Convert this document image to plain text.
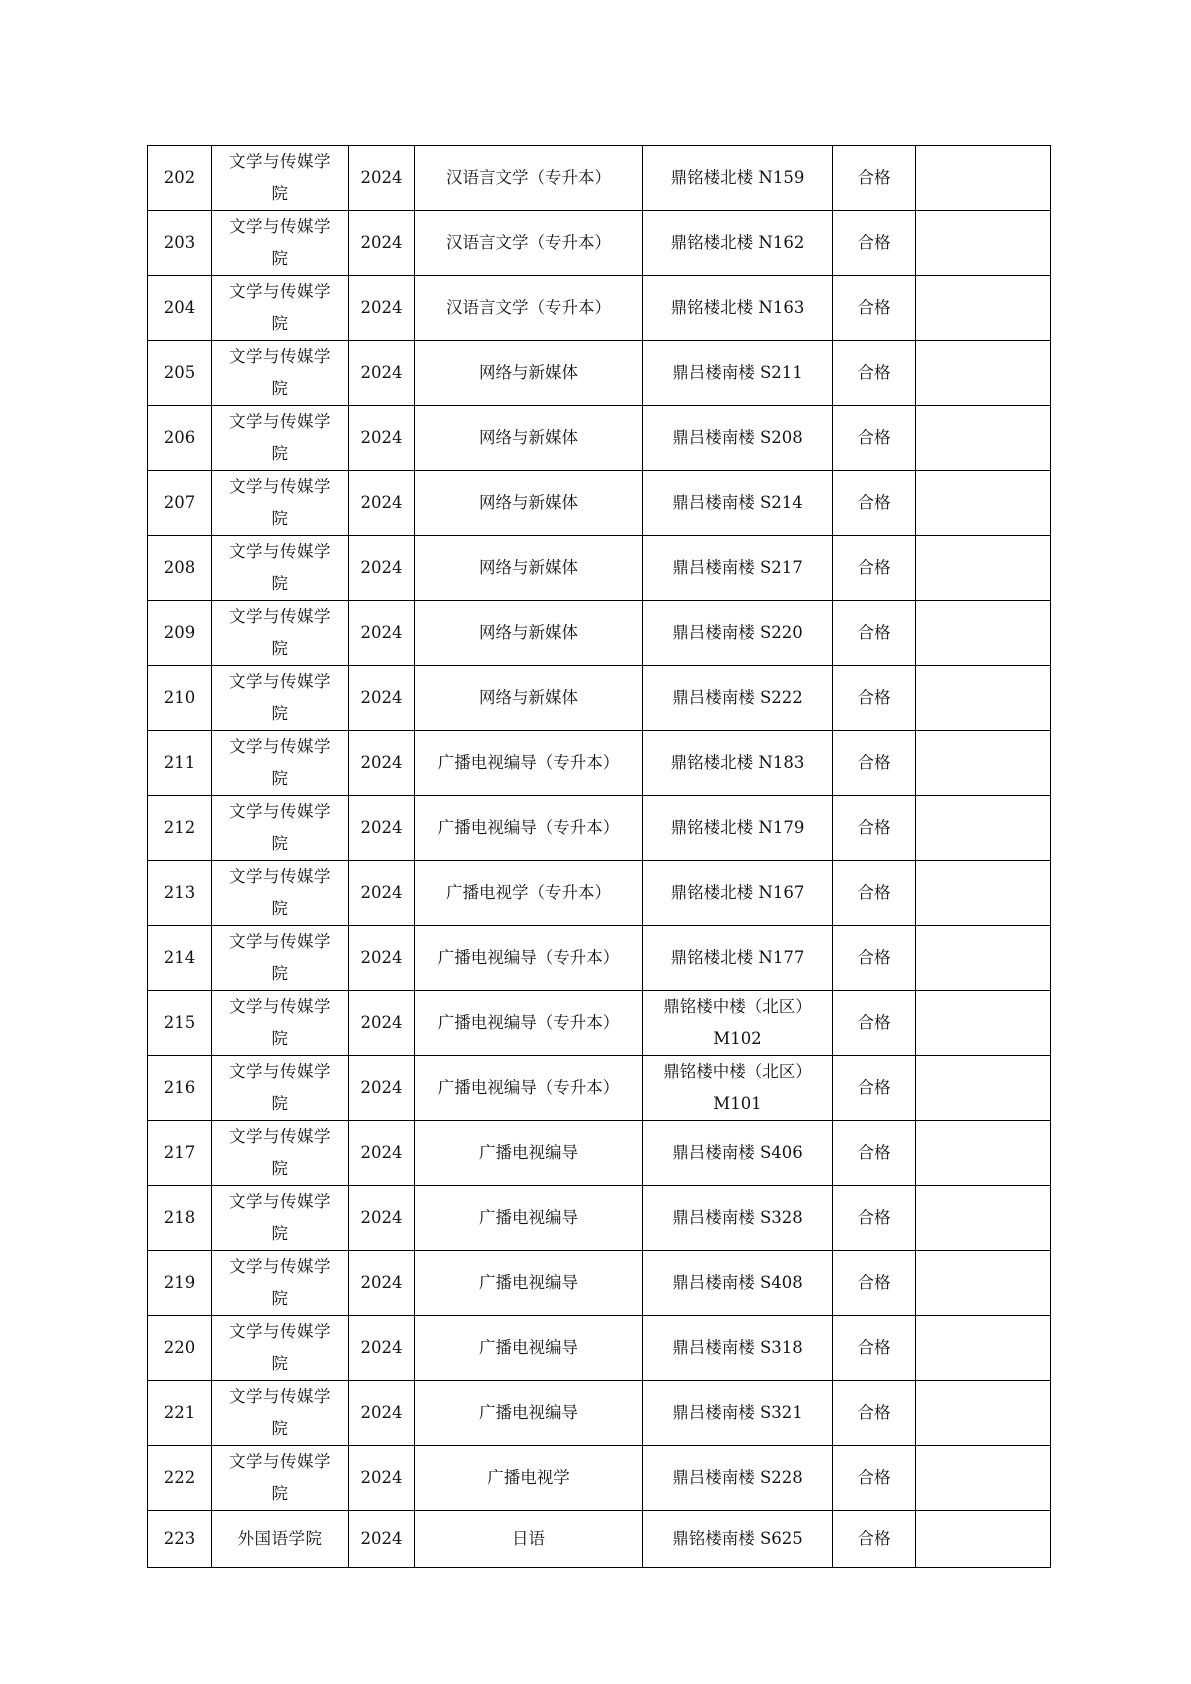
202	文学与传媒学院	2024	汉语言文学（专升本）	鼎铭楼北楼 N159	合格	
203	文学与传媒学院	2024	汉语言文学（专升本）	鼎铭楼北楼 N162	合格	
204	文学与传媒学院	2024	汉语言文学（专升本）	鼎铭楼北楼 N163	合格	
205	文学与传媒学院	2024	网络与新媒体	鼎吕楼南楼 S211	合格	
206	文学与传媒学院	2024	网络与新媒体	鼎吕楼南楼 S208	合格	
207	文学与传媒学院	2024	网络与新媒体	鼎吕楼南楼 S214	合格	
208	文学与传媒学院	2024	网络与新媒体	鼎吕楼南楼 S217	合格	
209	文学与传媒学院	2024	网络与新媒体	鼎吕楼南楼 S220	合格	
210	文学与传媒学院	2024	网络与新媒体	鼎吕楼南楼 S222	合格	
211	文学与传媒学院	2024	广播电视编导（专升本）	鼎铭楼北楼 N183	合格	
212	文学与传媒学院	2024	广播电视编导（专升本）	鼎铭楼北楼 N179	合格	
213	文学与传媒学院	2024	广播电视学（专升本）	鼎铭楼北楼 N167	合格	
214	文学与传媒学院	2024	广播电视编导（专升本）	鼎铭楼北楼 N177	合格	
215	文学与传媒学院	2024	广播电视编导（专升本）	鼎铭楼中楼（北区）M102	合格	
216	文学与传媒学院	2024	广播电视编导（专升本）	鼎铭楼中楼（北区）M101	合格	
217	文学与传媒学院	2024	广播电视编导	鼎吕楼南楼 S406	合格	
218	文学与传媒学院	2024	广播电视编导	鼎吕楼南楼 S328	合格	
219	文学与传媒学院	2024	广播电视编导	鼎吕楼南楼 S408	合格	
220	文学与传媒学院	2024	广播电视编导	鼎吕楼南楼 S318	合格	
221	文学与传媒学院	2024	广播电视编导	鼎吕楼南楼 S321	合格	
222	文学与传媒学院	2024	广播电视学	鼎吕楼南楼 S228	合格	
223	外国语学院	2024	日语	鼎铭楼南楼 S625	合格	
